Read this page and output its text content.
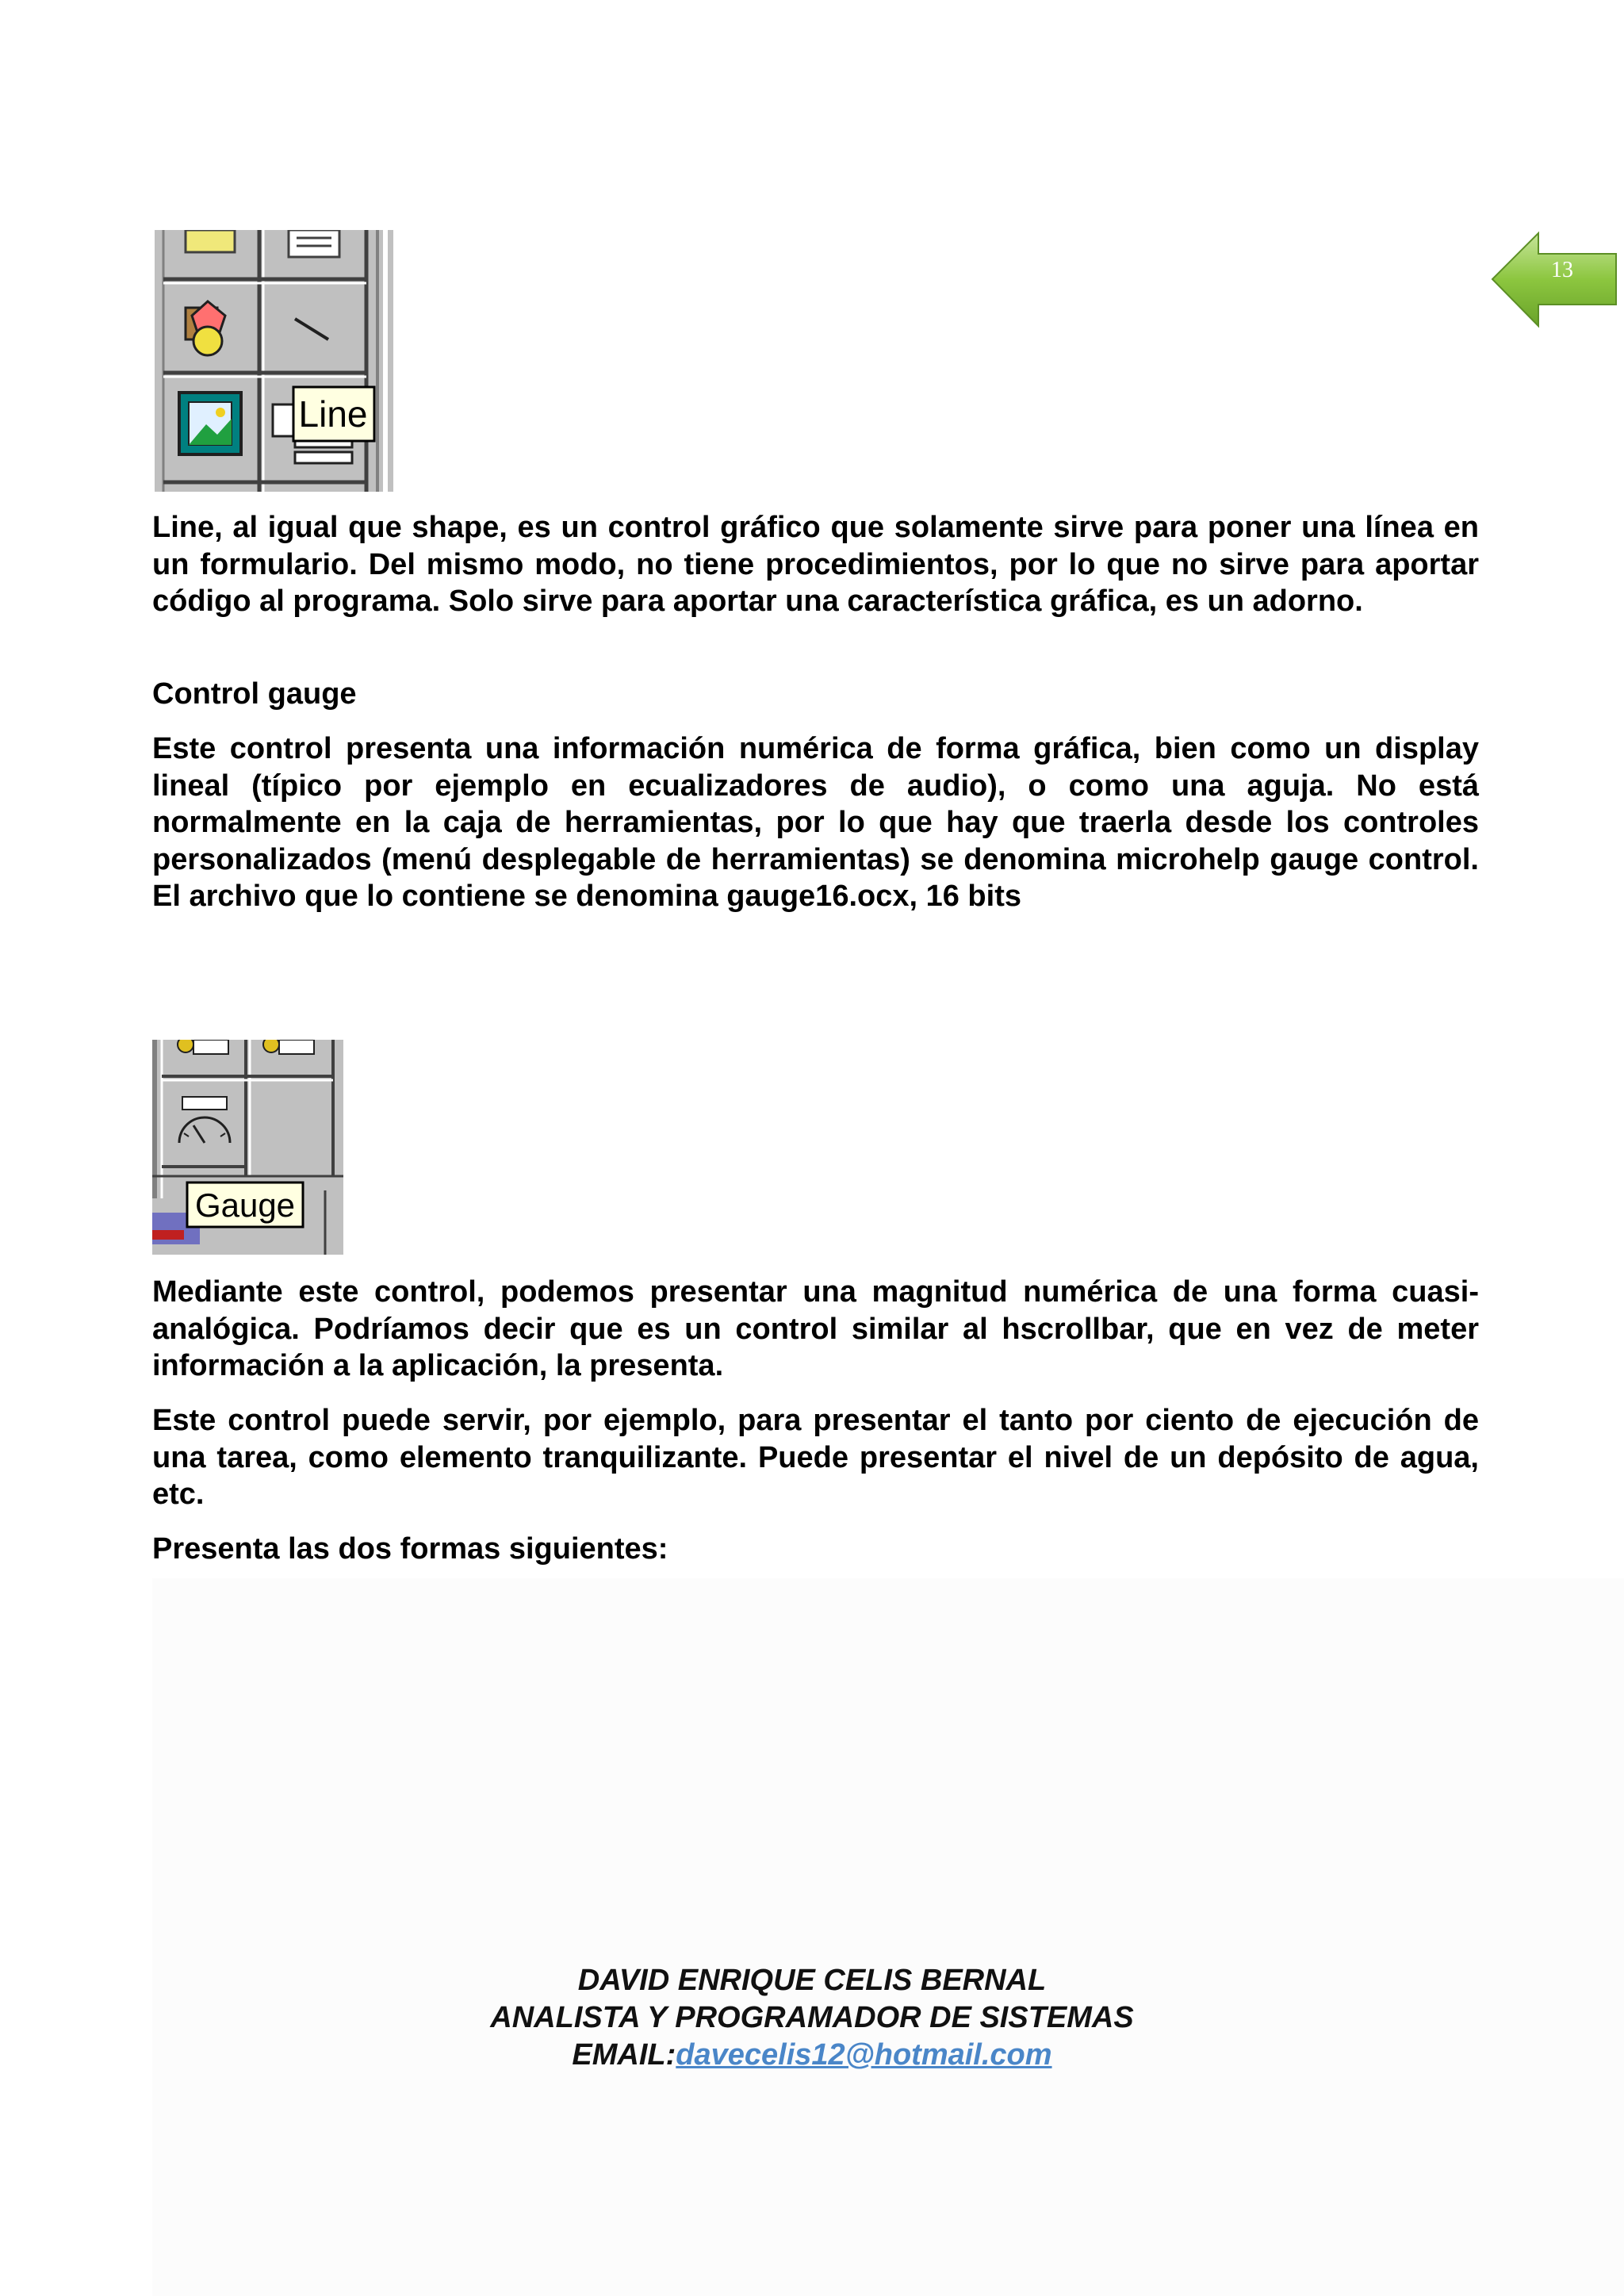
13
Line

Line, al igual que shape, es un control gráfico que solamente sirve para poner una línea en un formulario. Del mismo modo, no tiene procedimientos, por lo que no sirve para aportar código al programa. Solo sirve para aportar una característica gráfica, es un adorno.

Control gauge

Este control presenta una información numérica de forma gráfica, bien como un display lineal (típico por ejemplo en ecualizadores de audio), o como una aguja. No está normalmente en la caja de herramientas, por lo que hay que traerla desde los controles personalizados (menú desplegable de herramientas) se denomina microhelp gauge control. El archivo que lo contiene se denomina gauge16.ocx, 16 bits

Gauge

Mediante este control, podemos presentar una magnitud numérica de una forma cuasi-analógica. Podríamos decir que es un control similar al hscrollbar, que en vez de meter información a la aplicación, la presenta.

Este control puede servir, por ejemplo, para presentar el tanto por ciento de ejecución de una tarea, como elemento tranquilizante. Puede presentar el nivel de un depósito de agua, etc.

Presenta las dos formas siguientes:

DAVID ENRIQUE CELIS BERNAL
ANALISTA Y PROGRAMADOR DE SISTEMAS
EMAIL:davecelis12@hotmail.com
